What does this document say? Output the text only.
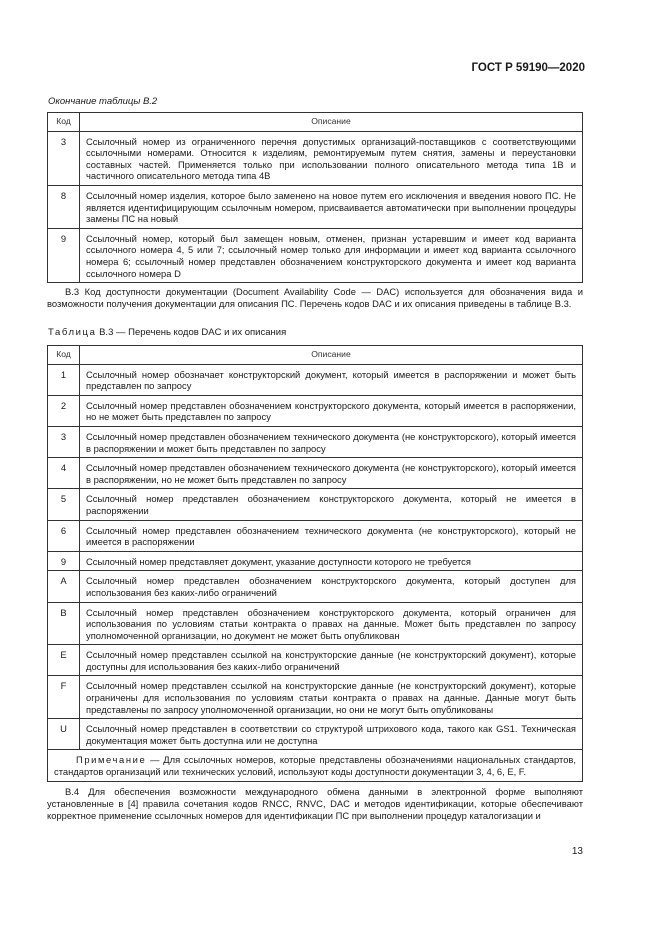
ГОСТ Р 59190—2020
Окончание таблицы В.2
Код	Описание
3	Ссылочный номер из ограниченного перечня допустимых организаций-поставщиков с соответствующими ссылочными номерами. Относится к изделиям, ремонтируемым путем снятия, замены и переустановки составных частей. Применяется только при использовании полного описательного метода типа 1В и частичного описательного метода типа 4В
8	Ссылочный номер изделия, которое было заменено на новое путем его исключения и введения нового ПС. Не является идентифицирующим ссылочным номером, присваивается автоматически при выполнении процедуры замены ПС на новый
9	Ссылочный номер, который был замещен новым, отменен, признан устаревшим и имеет код варианта ссылочного номера 4, 5 или 7; ссылочный номер только для информации и имеет код варианта ссылочного номера 6; ссылочный номер представлен обозначением конструкторского документа и имеет код варианта ссылочного номера D
В.3 Код доступности документации (Document Availability Code — DAC) используется для обозначения вида и возможности получения документации для описания ПС. Перечень кодов DAC и их описания приведены в таблице В.3.
Таблица В.3 — Перечень кодов DAC и их описания
Код	Описание
1	Ссылочный номер обозначает конструкторский документ, который имеется в распоряжении и может быть представлен по запросу
2	Ссылочный номер представлен обозначением конструкторского документа, который имеется в распоряжении, но не может быть представлен по запросу
3	Ссылочный номер представлен обозначением технического документа (не конструкторского), который имеется в распоряжении и может быть представлен по запросу
4	Ссылочный номер представлен обозначением технического документа (не конструкторского), который имеется в распоряжении, но не может быть представлен по запросу
5	Ссылочный номер представлен обозначением конструкторского документа, который не имеется в распоряжении
6	Ссылочный номер представлен обозначением технического документа (не конструкторского), который не имеется в распоряжении
9	Ссылочный номер представляет документ, указание доступности которого не требуется
А	Ссылочный номер представлен обозначением конструкторского документа, который доступен для использования без каких-либо ограничений
В	Ссылочный номер представлен обозначением конструкторского документа, который ограничен для использования по условиям статьи контракта о правах на данные. Может быть представлен по запросу уполномоченной организации, но документ не может быть опубликован
Е	Ссылочный номер представлен ссылкой на конструкторские данные (не конструкторский документ), которые доступны для использования без каких-либо ограничений
F	Ссылочный номер представлен ссылкой на конструкторские данные (не конструкторский документ), которые ограничены для использования по условиям статьи контракта о правах на данные. Данные могут быть представлены по запросу уполномоченной организации, но они не могут быть опубликованы
U	Ссылочный номер представлен в соответствии со структурой штрихового кода, такого как GS1. Техническая документация может быть доступна или не доступна
Примечание — Для ссылочных номеров, которые представлены обозначениями национальных стандартов, стандартов организаций или технических условий, используют коды доступности документации 3, 4, 6, E, F.	
В.4 Для обеспечения возможности международного обмена данными в электронной форме выполняют установленные в [4] правила сочетания кодов RNCC, RNVC, DAC и методов идентификации, которые обеспечивают корректное применение ссылочных номеров для идентификации ПС при выполнении процедур каталогизации и
13
